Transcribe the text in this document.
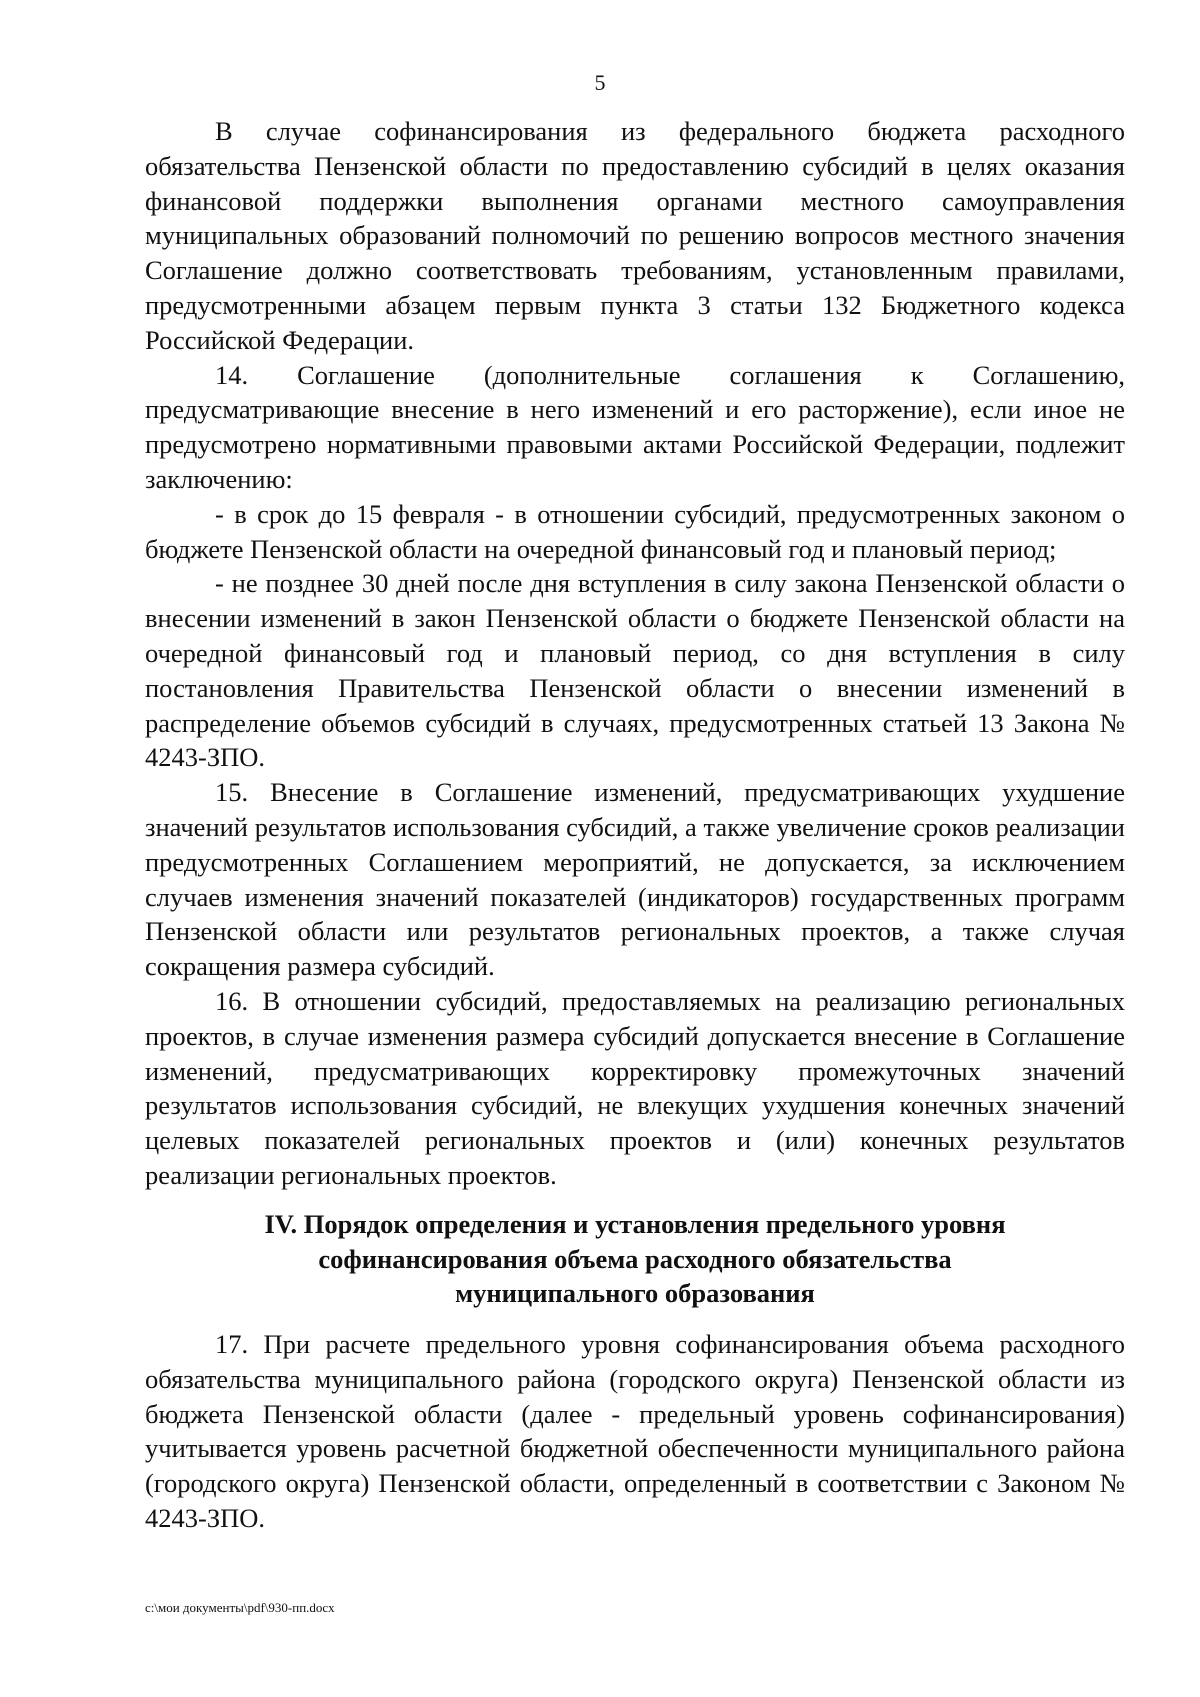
5

В случае софинансирования из федерального бюджета расходного обязательства Пензенской области по предоставлению субсидий в целях оказания финансовой поддержки выполнения органами местного самоуправления муниципальных образований полномочий по решению вопросов местного значения Соглашение должно соответствовать требованиям, установленным правилами, предусмотренными абзацем первым пункта 3 статьи 132 Бюджетного кодекса Российской Федерации.

14. Соглашение (дополнительные соглашения к Соглашению, предусматривающие внесение в него изменений и его расторжение), если иное не предусмотрено нормативными правовыми актами Российской Федерации, подлежит заключению:

- в срок до 15 февраля - в отношении субсидий, предусмотренных законом о бюджете Пензенской области на очередной финансовый год и плановый период;

- не позднее 30 дней после дня вступления в силу закона Пензенской области о внесении изменений в закон Пензенской области о бюджете Пензенской области на очередной финансовый год и плановый период, со дня вступления в силу постановления Правительства Пензенской области о внесении изменений в распределение объемов субсидий в случаях, предусмотренных статьей 13 Закона № 4243-ЗПО.

15. Внесение в Соглашение изменений, предусматривающих ухудшение значений результатов использования субсидий, а также увеличение сроков реализации предусмотренных Соглашением мероприятий, не допускается, за исключением случаев изменения значений показателей (индикаторов) государственных программ Пензенской области или результатов региональных проектов, а также случая сокращения размера субсидий.

16. В отношении субсидий, предоставляемых на реализацию региональных проектов, в случае изменения размера субсидий допускается внесение в Соглашение изменений, предусматривающих корректировку промежуточных значений результатов использования субсидий, не влекущих ухудшения конечных значений целевых показателей региональных проектов и (или) конечных результатов реализации региональных проектов.

IV. Порядок определения и установления предельного уровня
софинансирования объема расходного обязательства
муниципального образования

17. При расчете предельного уровня софинансирования объема расходного обязательства муниципального района (городского округа) Пензенской области из бюджета Пензенской области (далее - предельный уровень софинансирования) учитывается уровень расчетной бюджетной обеспеченности муниципального района (городского округа) Пензенской области, определенный в соответствии с Законом № 4243-ЗПО.

c:\мои документы\pdf\930-пп.docx
